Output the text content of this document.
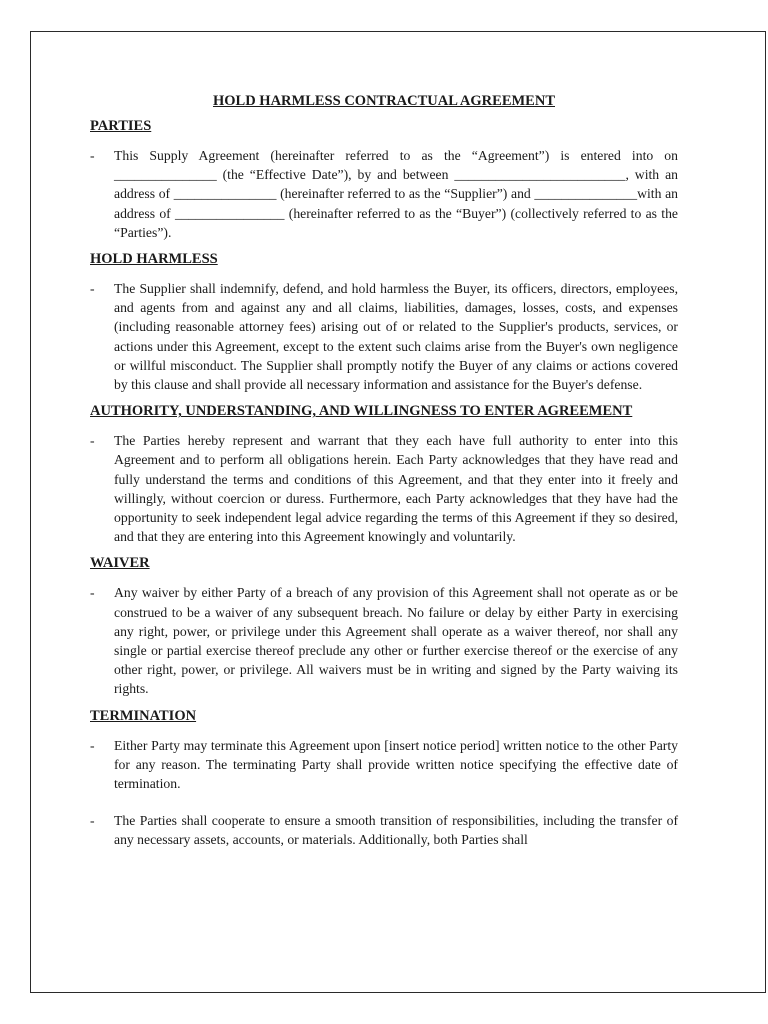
HOLD HARMLESS CONTRACTUAL AGREEMENT
PARTIES
- This Supply Agreement (hereinafter referred to as the “Agreement”) is entered into on _______________ (the “Effective Date”), by and between _________________________, with an address of _______________ (hereinafter referred to as the “Supplier”) and _______________with an address of ________________ (hereinafter referred to as the “Buyer”) (collectively referred to as the “Parties”).
HOLD HARMLESS
- The Supplier shall indemnify, defend, and hold harmless the Buyer, its officers, directors, employees, and agents from and against any and all claims, liabilities, damages, losses, costs, and expenses (including reasonable attorney fees) arising out of or related to the Supplier's products, services, or actions under this Agreement, except to the extent such claims arise from the Buyer's own negligence or willful misconduct. The Supplier shall promptly notify the Buyer of any claims or actions covered by this clause and shall provide all necessary information and assistance for the Buyer's defense.
AUTHORITY, UNDERSTANDING, AND WILLINGNESS TO ENTER AGREEMENT
- The Parties hereby represent and warrant that they each have full authority to enter into this Agreement and to perform all obligations herein. Each Party acknowledges that they have read and fully understand the terms and conditions of this Agreement, and that they enter into it freely and willingly, without coercion or duress. Furthermore, each Party acknowledges that they have had the opportunity to seek independent legal advice regarding the terms of this Agreement if they so desired, and that they are entering into this Agreement knowingly and voluntarily.
WAIVER
- Any waiver by either Party of a breach of any provision of this Agreement shall not operate as or be construed to be a waiver of any subsequent breach. No failure or delay by either Party in exercising any right, power, or privilege under this Agreement shall operate as a waiver thereof, nor shall any single or partial exercise thereof preclude any other or further exercise thereof or the exercise of any other right, power, or privilege. All waivers must be in writing and signed by the Party waiving its rights.
TERMINATION
- Either Party may terminate this Agreement upon [insert notice period] written notice to the other Party for any reason. The terminating Party shall provide written notice specifying the effective date of termination.
- The Parties shall cooperate to ensure a smooth transition of responsibilities, including the transfer of any necessary assets, accounts, or materials. Additionally, both Parties shall
